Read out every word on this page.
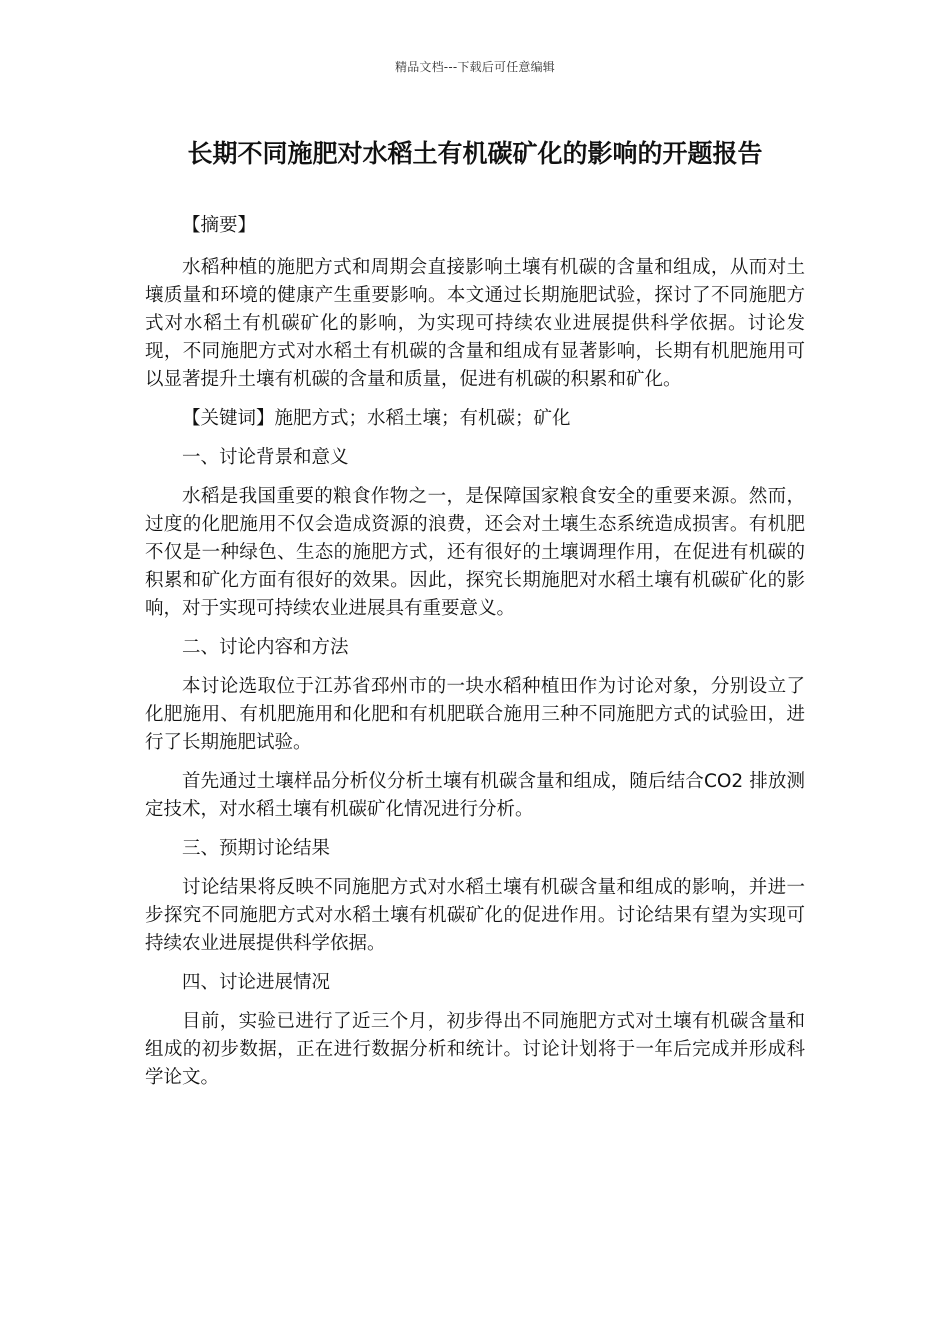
精品文档---下载后可任意编辑
长期不同施肥对水稻土有机碳矿化的影响的开题报告

【摘要】

水稻种植的施肥方式和周期会直接影响土壤有机碳的含量和组成，从而对土壤质量和环境的健康产生重要影响。本文通过长期施肥试验，探讨了不同施肥方式对水稻土有机碳矿化的影响，为实现可持续农业进展提供科学依据。讨论发现，不同施肥方式对水稻土有机碳的含量和组成有显著影响，长期有机肥施用可以显著提升土壤有机碳的含量和质量，促进有机碳的积累和矿化。

【关键词】施肥方式；水稻土壤；有机碳；矿化

一、讨论背景和意义

水稻是我国重要的粮食作物之一，是保障国家粮食安全的重要来源。然而，过度的化肥施用不仅会造成资源的浪费，还会对土壤生态系统造成损害。有机肥不仅是一种绿色、生态的施肥方式，还有很好的土壤调理作用，在促进有机碳的积累和矿化方面有很好的效果。因此，探究长期施肥对水稻土壤有机碳矿化的影响，对于实现可持续农业进展具有重要意义。

二、讨论内容和方法

本讨论选取位于江苏省邳州市的一块水稻种植田作为讨论对象，分别设立了化肥施用、有机肥施用和化肥和有机肥联合施用三种不同施肥方式的试验田，进行了长期施肥试验。

首先通过土壤样品分析仪分析土壤有机碳含量和组成，随后结合CO2 排放测定技术，对水稻土壤有机碳矿化情况进行分析。

三、预期讨论结果

讨论结果将反映不同施肥方式对水稻土壤有机碳含量和组成的影响，并进一步探究不同施肥方式对水稻土壤有机碳矿化的促进作用。讨论结果有望为实现可持续农业进展提供科学依据。

四、讨论进展情况

目前，实验已进行了近三个月，初步得出不同施肥方式对土壤有机碳含量和组成的初步数据，正在进行数据分析和统计。讨论计划将于一年后完成并形成科学论文。
